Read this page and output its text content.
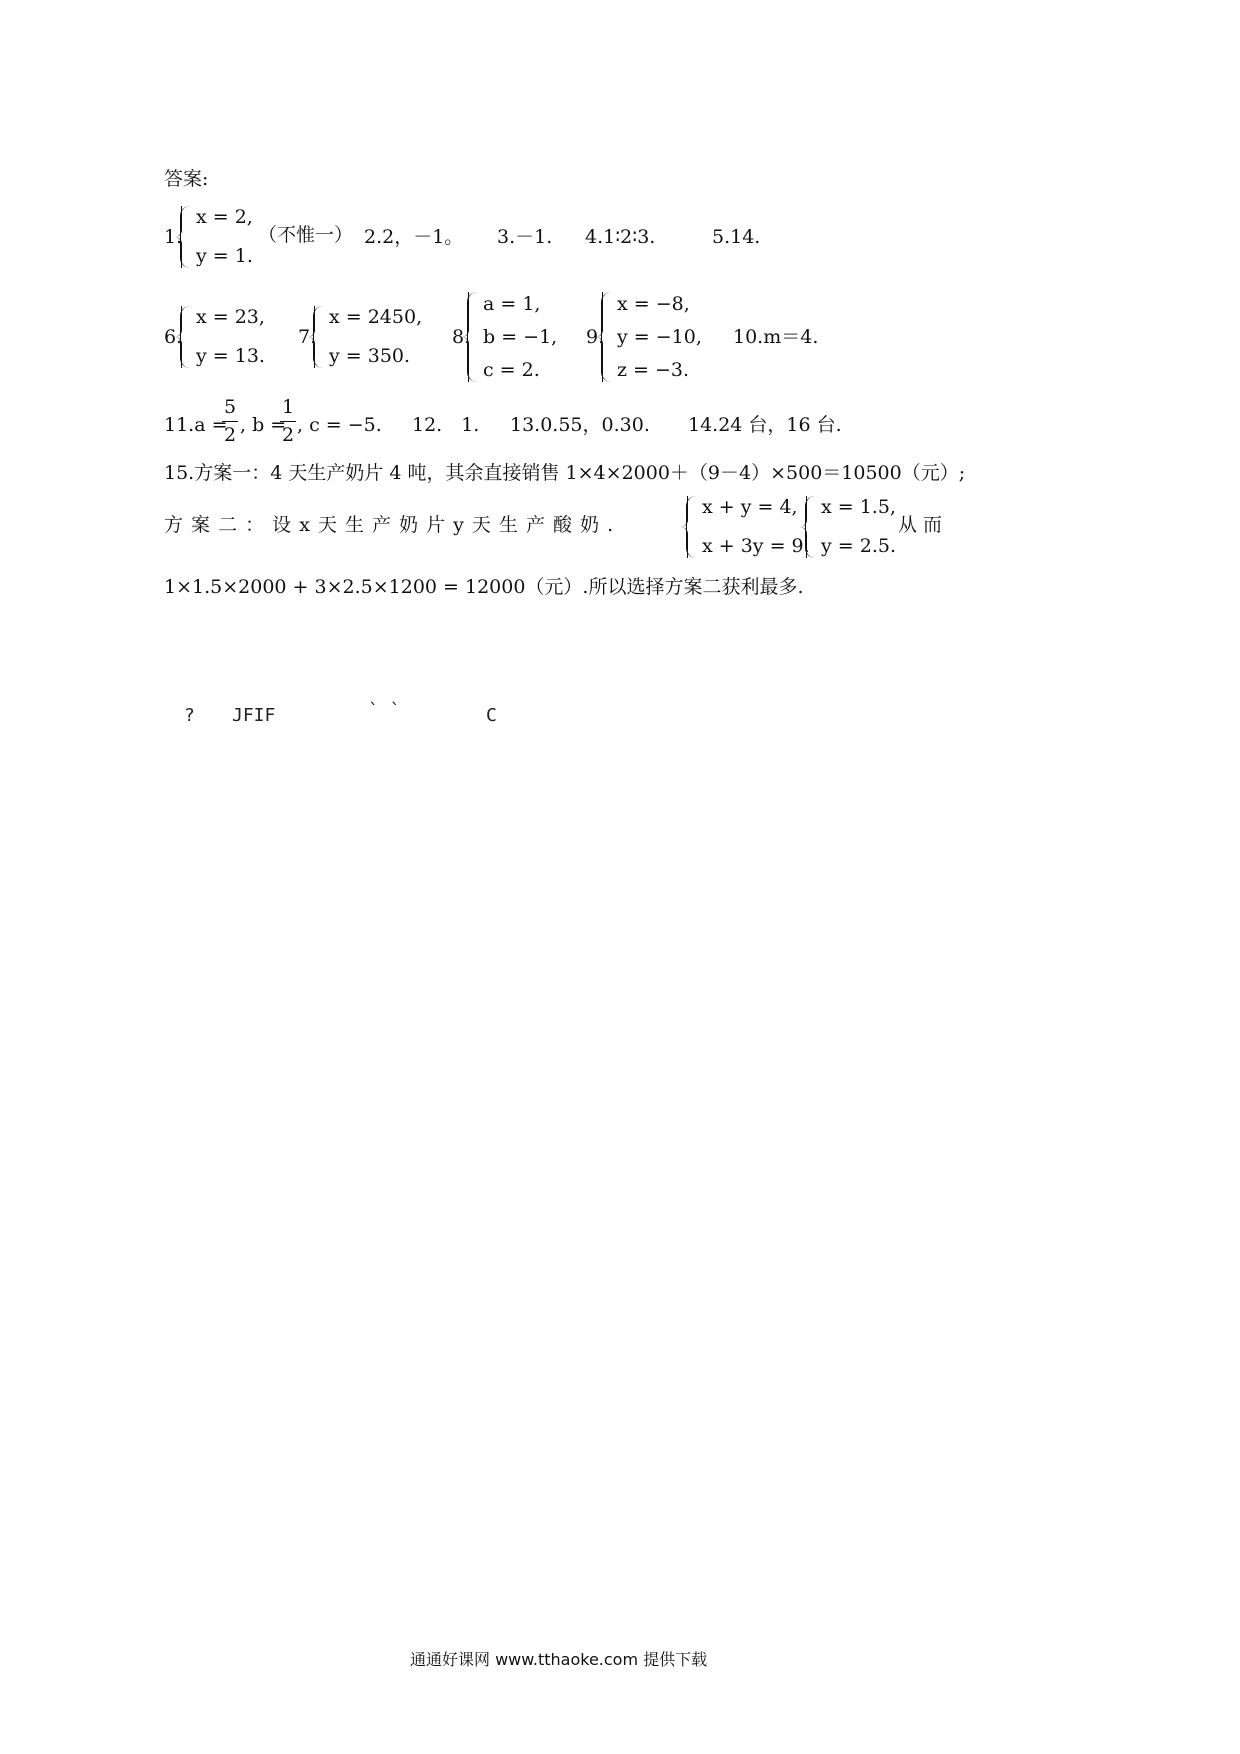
答案:
1.
x = 2,
y = 1.
（不惟一） 2.2，－1。 3.－1. 4.1∶2∶3.	5.14.
6.
x = 23,
y = 13.
7.
x = 2450,
y = 350.
8.
a = 1,
b = −1,
c = 2.
9.
x = −8,
y = −10,
z = −3.
10.m＝4.
11.a =
5
2 , b =
1
2 , c = −5. 12.　1. 13.0.55，0.30. 14.24 台，16 台.
15.方案一：4 天生产奶片 4 吨，其余直接销售 1×4×2000＋（9－4）×500＝10500（元）;
方 案 二 ： 设 x 天 生 产 奶 片 y 天 生 产 酸 奶 .
x + y = 4,
x + 3y = 9.
x = 1.5,
y = 2.5.
从 而
1×1.5×2000 + 3×2.5×1200 = 12000（元）.所以选择方案二获利最多.
? JFIF	` `	C
通通好课网 www.tthaoke.com 提供下载
